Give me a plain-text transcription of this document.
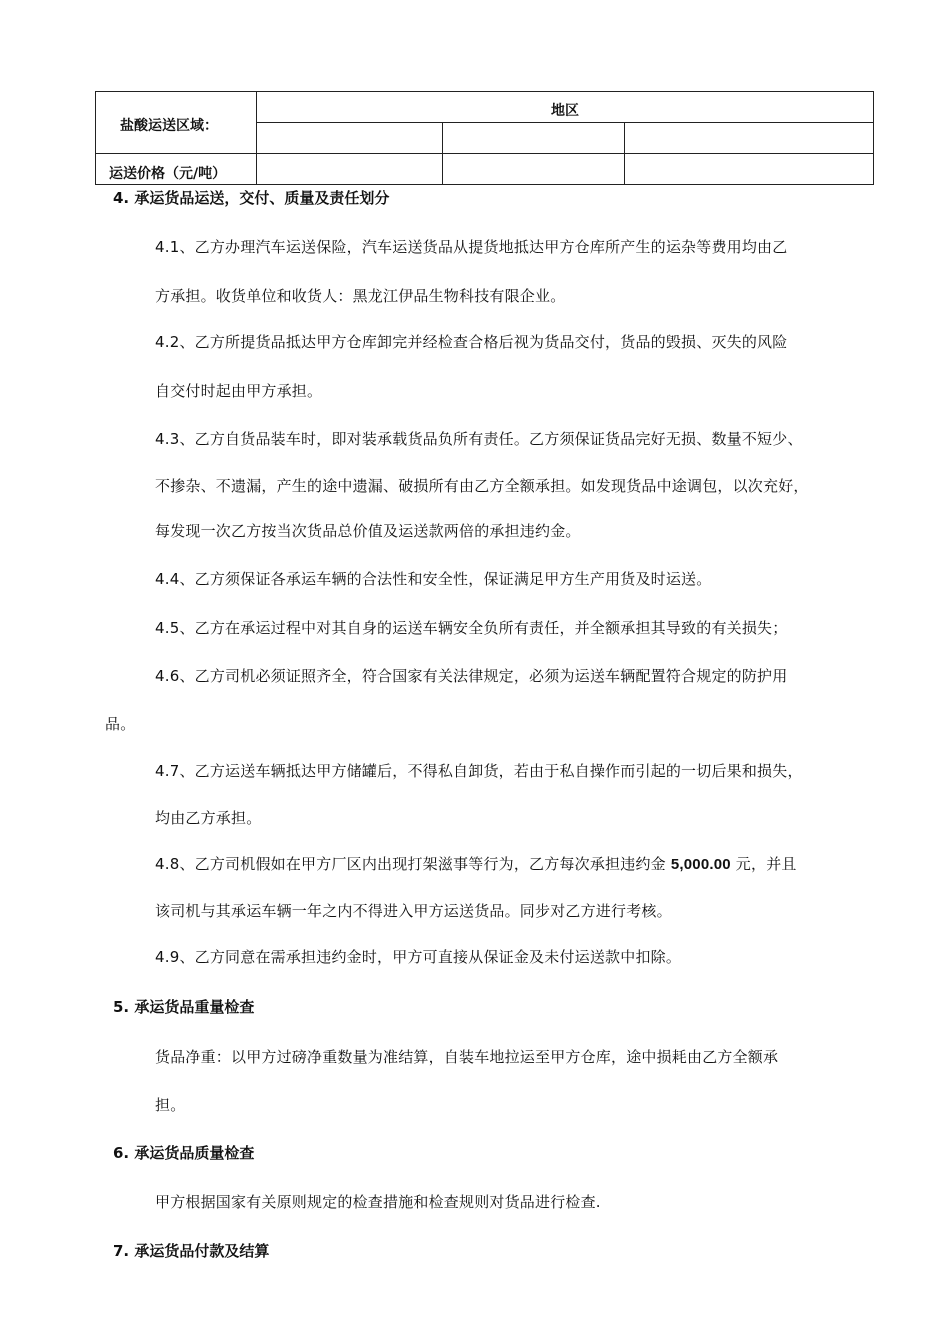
盐酸运送区域：
运送价格（元/吨）
地区
4. 承运货品运送，交付、质量及责任划分
4.1、乙方办理汽车运送保险，汽车运送货品从提货地抵达甲方仓库所产生的运杂等费用均由乙
方承担。收货单位和收货人：黑龙江伊品生物科技有限企业。
4.2、乙方所提货品抵达甲方仓库卸完并经检查合格后视为货品交付，货品的毁损、灭失的风险
自交付时起由甲方承担。
4.3、乙方自货品装车时，即对装承载货品负所有责任。乙方须保证货品完好无损、数量不短少、
不掺杂、不遗漏，产生的途中遗漏、破损所有由乙方全额承担。如发现货品中途调包，以次充好，
每发现一次乙方按当次货品总价值及运送款两倍的承担违约金。
4.4、乙方须保证各承运车辆的合法性和安全性，保证满足甲方生产用货及时运送。
4.5、乙方在承运过程中对其自身的运送车辆安全负所有责任，并全额承担其导致的有关损失；
4.6、乙方司机必须证照齐全，符合国家有关法律规定，必须为运送车辆配置符合规定的防护用
品。
4.7、乙方运送车辆抵达甲方储罐后，不得私自卸货，若由于私自操作而引起的一切后果和损失，
均由乙方承担。
4.8、乙方司机假如在甲方厂区内出现打架滋事等行为，乙方每次承担违约金 5,000.00 元，并且
该司机与其承运车辆一年之内不得进入甲方运送货品。同步对乙方进行考核。
4.9、乙方同意在需承担违约金时，甲方可直接从保证金及未付运送款中扣除。
5. 承运货品重量检查
货品净重：以甲方过磅净重数量为准结算，自装车地拉运至甲方仓库，途中损耗由乙方全额承
担。
6. 承运货品质量检查
甲方根据国家有关原则规定的检查措施和检查规则对货品进行检查.
7. 承运货品付款及结算
